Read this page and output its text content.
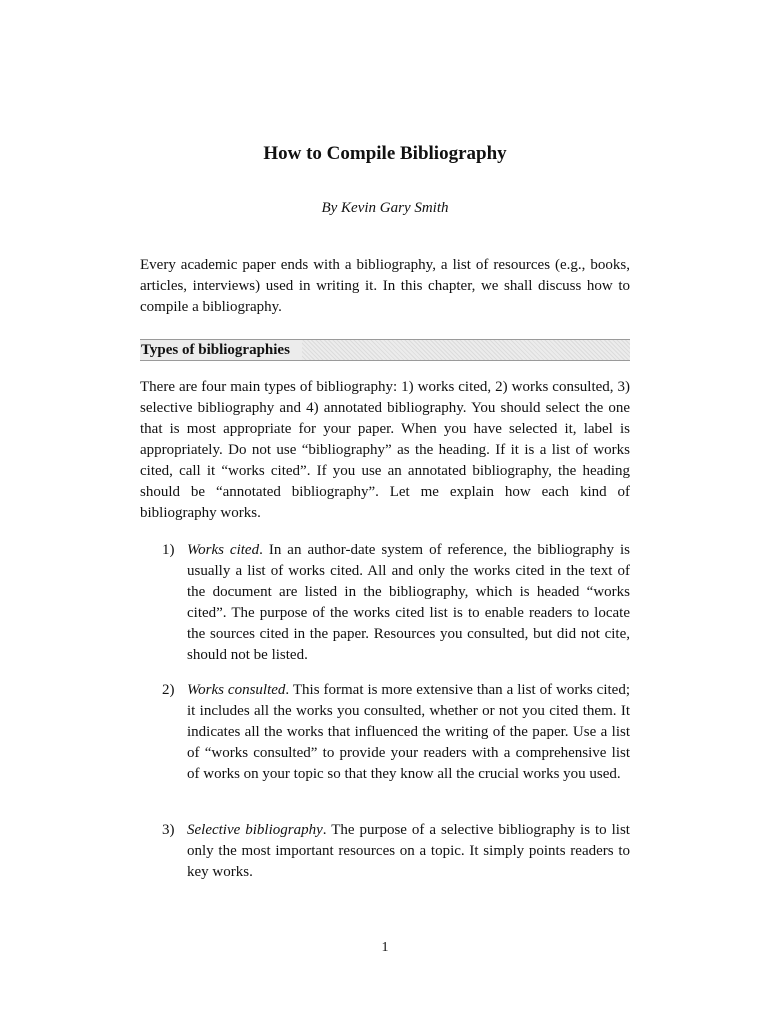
How to Compile Bibliography

By Kevin Gary Smith

Every academic paper ends with a bibliography, a list of resources (e.g., books, articles, interviews) used in writing it. In this chapter, we shall discuss how to compile a bibliography.

Types of bibliographies

There are four main types of bibliography: 1) works cited, 2) works consulted, 3) selective bibliography and 4) annotated bibliography. You should select the one that is most appropriate for your paper. When you have selected it, label is appropriately. Do not use “bibliography” as the heading. If it is a list of works cited, call it “works cited”. If you use an annotated bibliography, the heading should be “annotated bibliography”. Let me explain how each kind of bibliography works.

1) Works cited. In an author-date system of reference, the bibliography is usually a list of works cited. All and only the works cited in the text of the document are listed in the bibliography, which is headed “works cited”. The purpose of the works cited list is to enable readers to locate the sources cited in the paper. Resources you consulted, but did not cite, should not be listed.

2) Works consulted. This format is more extensive than a list of works cited; it includes all the works you consulted, whether or not you cited them. It indicates all the works that influenced the writing of the paper. Use a list of “works consulted” to provide your readers with a comprehensive list of works on your topic so that they know all the crucial works you used.

3) Selective bibliography. The purpose of a selective bibliography is to list only the most important resources on a topic. It simply points readers to key works.

1
